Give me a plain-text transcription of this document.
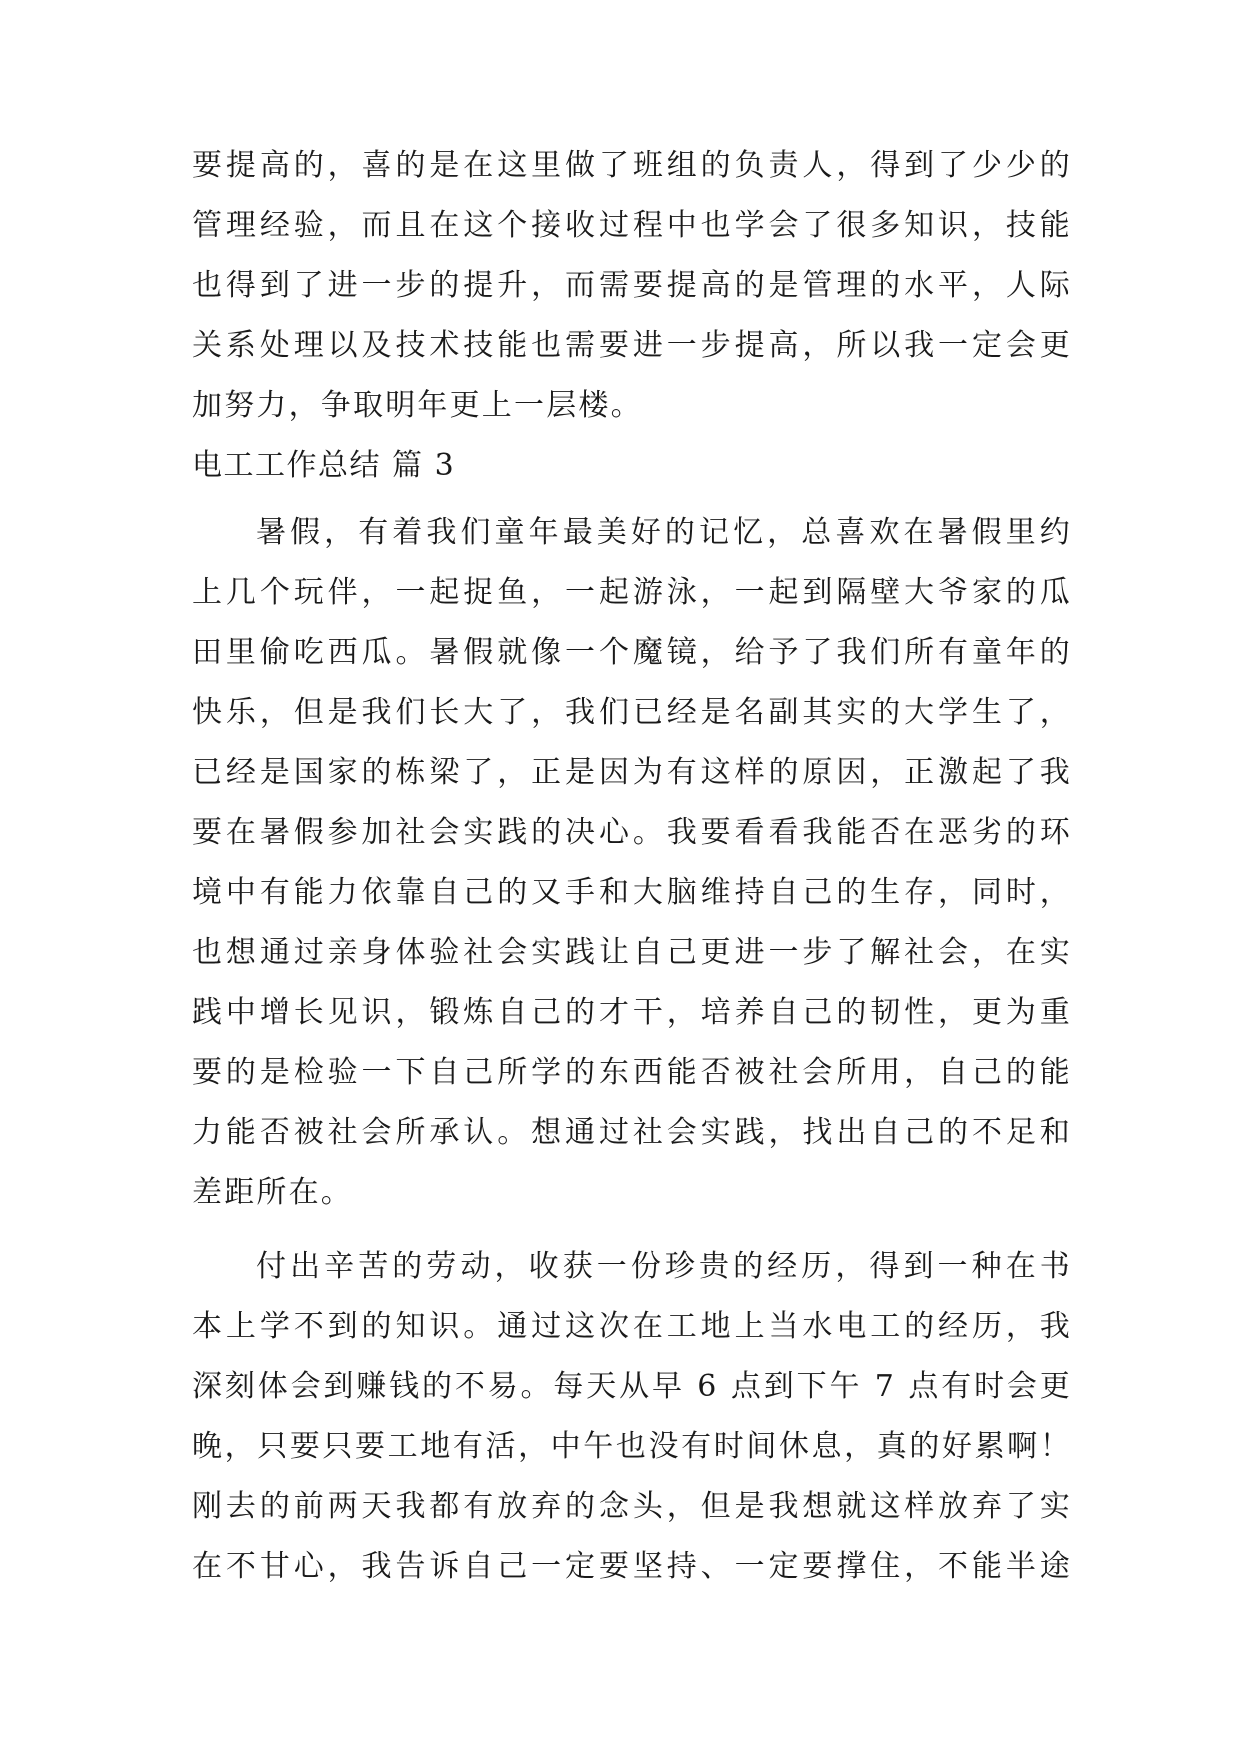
要提高的，喜的是在这里做了班组的负责人，得到了少少的
管理经验，而且在这个接收过程中也学会了很多知识，技能
也得到了进一步的提升，而需要提高的是管理的水平，人际
关系处理以及技术技能也需要进一步提高，所以我一定会更
加努力，争取明年更上一层楼。
电工工作总结 篇 3
暑假，有着我们童年最美好的记忆，总喜欢在暑假里约
上几个玩伴，一起捉鱼，一起游泳，一起到隔壁大爷家的瓜
田里偷吃西瓜。暑假就像一个魔镜，给予了我们所有童年的
快乐，但是我们长大了，我们已经是名副其实的大学生了，
已经是国家的栋梁了，正是因为有这样的原因，正激起了我
要在暑假参加社会实践的决心。我要看看我能否在恶劣的环
境中有能力依靠自己的又手和大脑维持自己的生存，同时，
也想通过亲身体验社会实践让自己更进一步了解社会，在实
践中增长见识，锻炼自己的才干，培养自己的韧性，更为重
要的是检验一下自己所学的东西能否被社会所用，自己的能
力能否被社会所承认。想通过社会实践，找出自己的不足和
差距所在。
付出辛苦的劳动，收获一份珍贵的经历，得到一种在书
本上学不到的知识。通过这次在工地上当水电工的经历，我
深刻体会到赚钱的不易。每天从早 6 点到下午 7 点有时会更
晚，只要只要工地有活，中午也没有时间休息，真的好累啊！
刚去的前两天我都有放弃的念头，但是我想就这样放弃了实
在不甘心，我告诉自己一定要坚持、一定要撑住，不能半途
